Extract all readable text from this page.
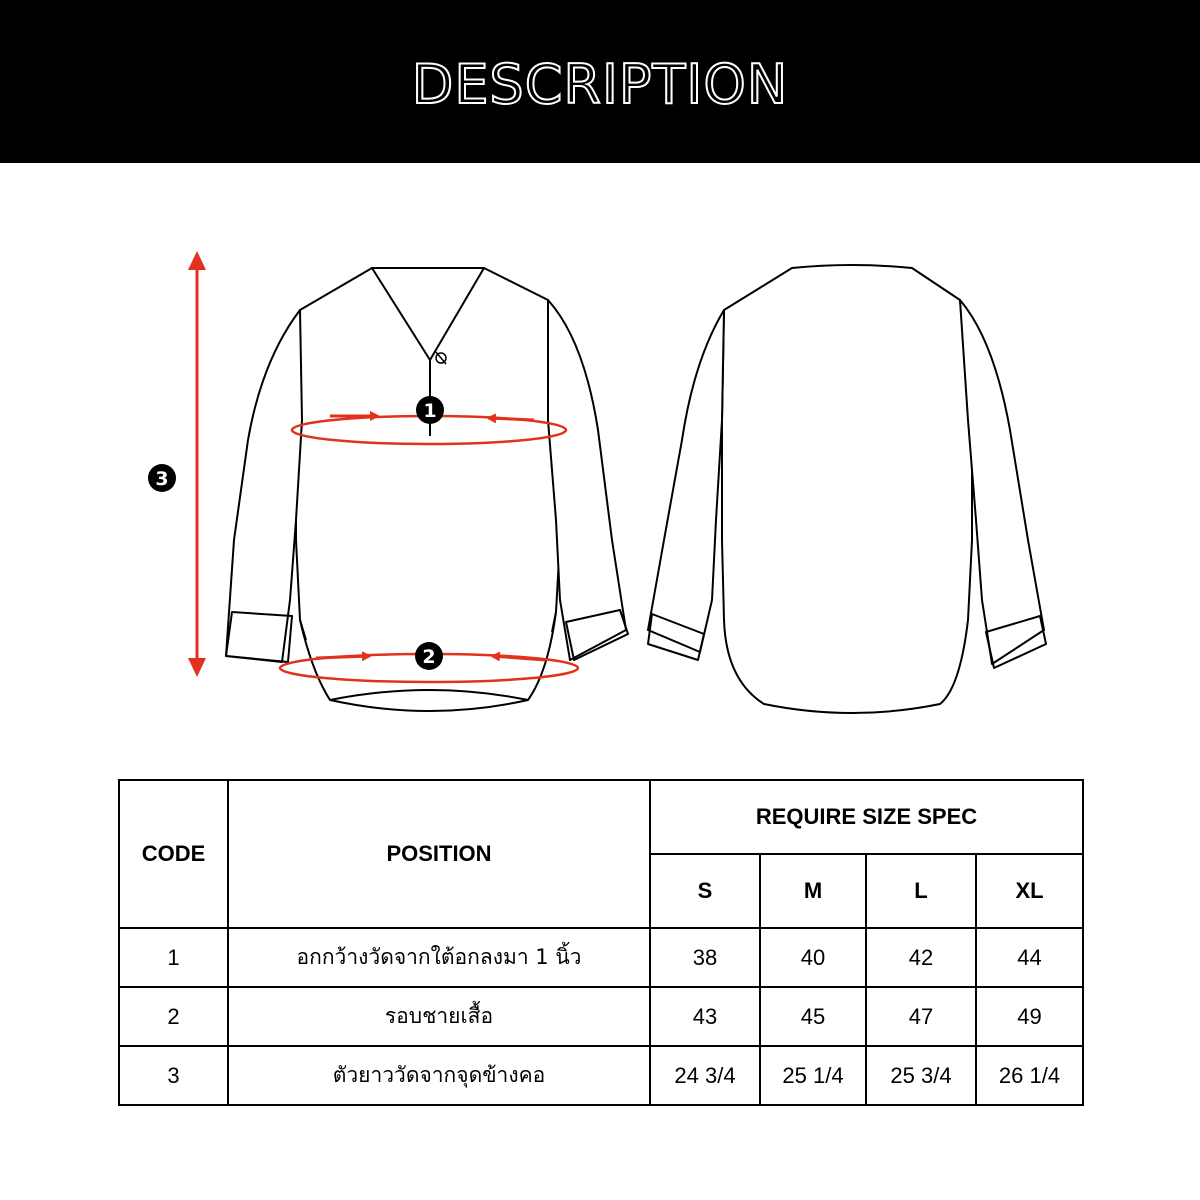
DESCRIPTION
1
2
3
CODE	POSITION	REQUIRE SIZE SPEC			
		S	M	L	XL
1	อกกว้างวัดจากใต้อกลงมา 1 นิ้ว	38	40	42	44
2	รอบชายเสื้อ	43	45	47	49
3	ตัวยาววัดจากจุดข้างคอ	24 3/4	25 1/4	25 3/4	26 1/4
